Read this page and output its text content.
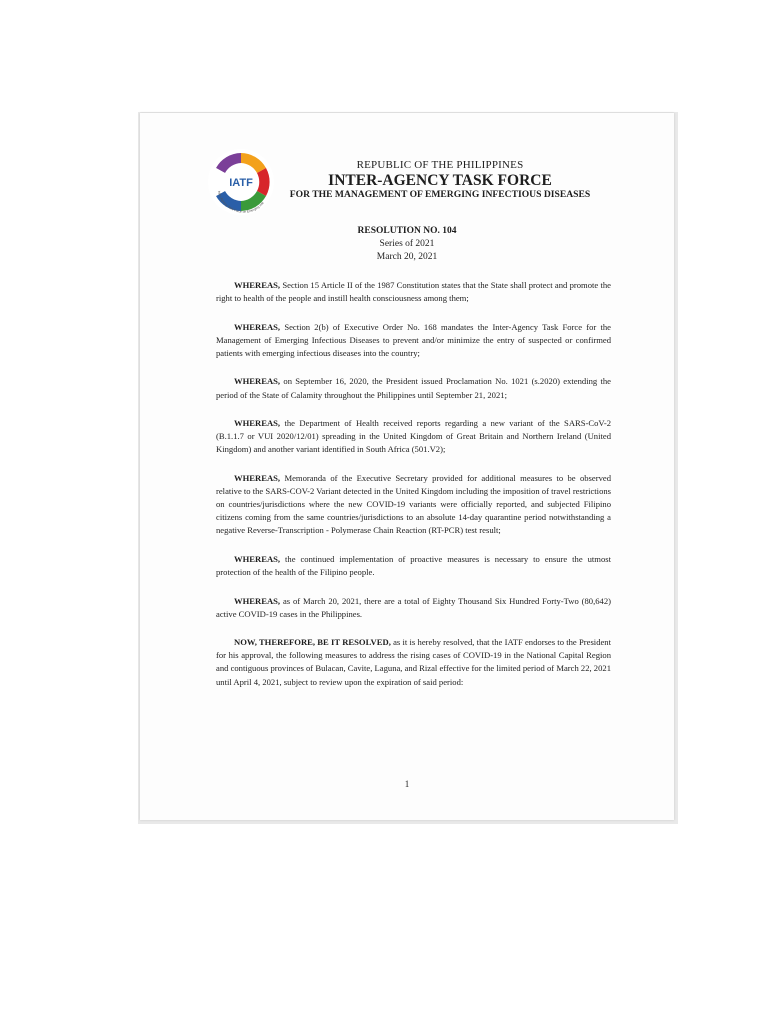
IATF
Inter-Agency Task Force on Emerging Infe
REPUBLIC OF THE PHILIPPINES
INTER-AGENCY TASK FORCE
FOR THE MANAGEMENT OF EMERGING INFECTIOUS DISEASES
RESOLUTION NO. 104
Series of 2021
March 20, 2021

WHEREAS, Section 15 Article II of the 1987 Constitution states that the State shall protect and promote the right to health of the people and instill health consciousness among them;

WHEREAS, Section 2(b) of Executive Order No. 168 mandates the Inter-Agency Task Force for the Management of Emerging Infectious Diseases to prevent and/or minimize the entry of suspected or confirmed patients with emerging infectious diseases into the country;

WHEREAS, on September 16, 2020, the President issued Proclamation No. 1021 (s.2020) extending the period of the State of Calamity throughout the Philippines until September 21, 2021;

WHEREAS, the Department of Health received reports regarding a new variant of the SARS-CoV-2 (B.1.1.7 or VUI 2020/12/01) spreading in the United Kingdom of Great Britain and Northern Ireland (United Kingdom) and another variant identified in South Africa (501.V2);

WHEREAS, Memoranda of the Executive Secretary provided for additional measures to be observed relative to the SARS-COV-2 Variant detected in the United Kingdom including the imposition of travel restrictions on countries/jurisdictions where the new COVID-19 variants were officially reported, and subjected Filipino citizens coming from the same countries/jurisdictions to an absolute 14-day quarantine period notwithstanding a negative Reverse-Transcription - Polymerase Chain Reaction (RT-PCR) test result;

WHEREAS, the continued implementation of proactive measures is necessary to ensure the utmost protection of the health of the Filipino people.

WHEREAS, as of March 20, 2021, there are a total of Eighty Thousand Six Hundred Forty-Two (80,642) active COVID-19 cases in the Philippines.

NOW, THEREFORE, BE IT RESOLVED, as it is hereby resolved, that the IATF endorses to the President for his approval, the following measures to address the rising cases of COVID-19 in the National Capital Region and contiguous provinces of Bulacan, Cavite, Laguna, and Rizal effective for the limited period of March 22, 2021 until April 4, 2021, subject to review upon the expiration of said period:

1
